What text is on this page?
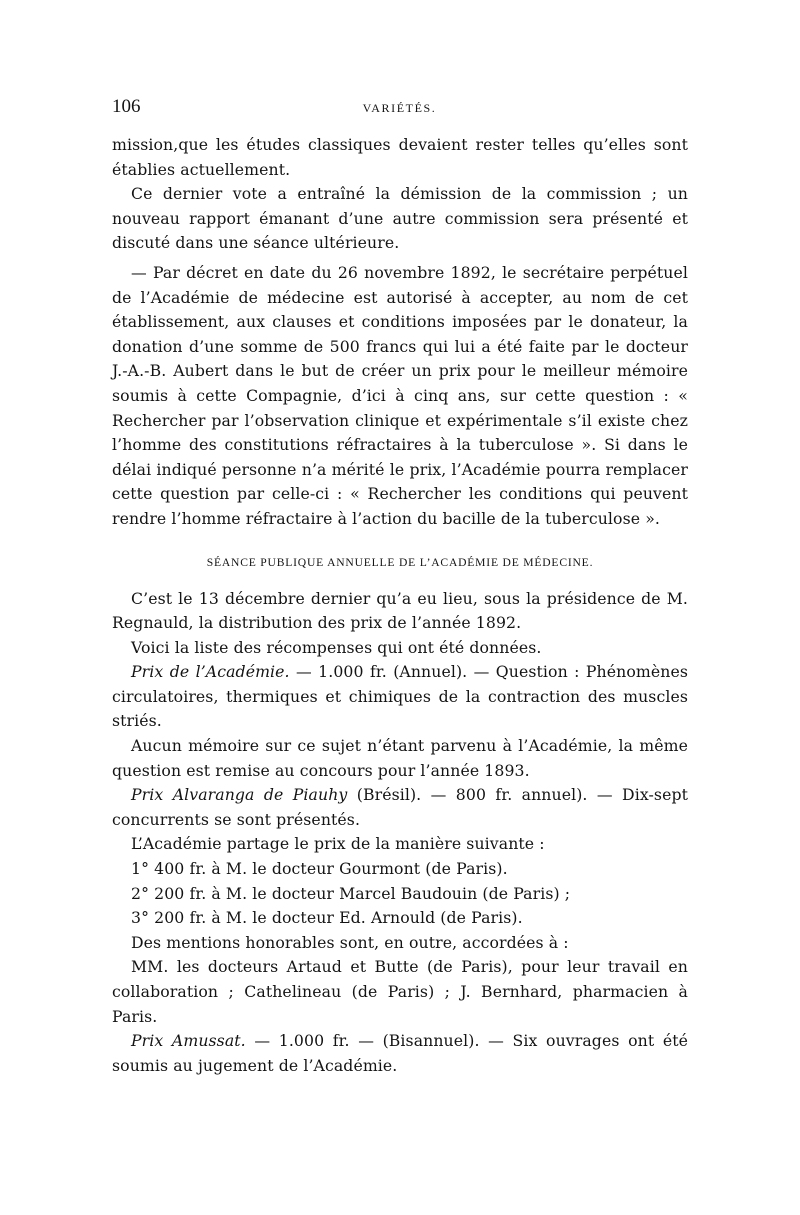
106	VARIÉTÉS.

mission,que les études classiques devaient rester telles qu’elles sont établies actuellement.

Ce dernier vote a entraîné la démission de la commission ; un nouveau rapport émanant d’une autre commission sera présenté et discuté dans une séance ultérieure.

— Par décret en date du 26 novembre 1892, le secrétaire perpétuel de l’Académie de médecine est autorisé à accepter, au nom de cet établissement, aux clauses et conditions imposées par le donateur, la donation d’une somme de 500 francs qui lui a été faite par le docteur J.-A.-B. Aubert dans le but de créer un prix pour le meilleur mémoire soumis à cette Compagnie, d’ici à cinq ans, sur cette question : « Rechercher par l’observation clinique et expérimentale s’il existe chez l’homme des constitutions réfractaires à la tuberculose ». Si dans le délai indiqué personne n’a mérité le prix, l’Académie pourra remplacer cette question par celle-ci : « Rechercher les conditions qui peuvent rendre l’homme réfractaire à l’action du bacille de la tuberculose ».

SÉANCE PUBLIQUE ANNUELLE DE L’ACADÉMIE DE MÉDECINE.

C’est le 13 décembre dernier qu’a eu lieu, sous la présidence de M. Regnauld, la distribution des prix de l’année 1892.

Voici la liste des récompenses qui ont été données.

Prix de l’Académie. — 1.000 fr. (Annuel). — Question : Phénomènes circulatoires, thermiques et chimiques de la contraction des muscles striés.

Aucun mémoire sur ce sujet n’étant parvenu à l’Académie, la même question est remise au concours pour l’année 1893.

Prix Alvaranga de Piauhy (Brésil). — 800 fr. annuel). — Dix-sept concurrents se sont présentés.

L’Académie partage le prix de la manière suivante :

1° 400 fr. à M. le docteur Gourmont (de Paris).

2° 200 fr. à M. le docteur Marcel Baudouin (de Paris) ;

3° 200 fr. à M. le docteur Ed. Arnould (de Paris).

Des mentions honorables sont, en outre, accordées à :

MM. les docteurs Artaud et Butte (de Paris), pour leur travail en collaboration ; Cathelineau (de Paris) ; J. Bernhard, pharmacien à Paris.

Prix Amussat. — 1.000 fr. — (Bisannuel). — Six ouvrages ont été soumis au jugement de l’Académie.
